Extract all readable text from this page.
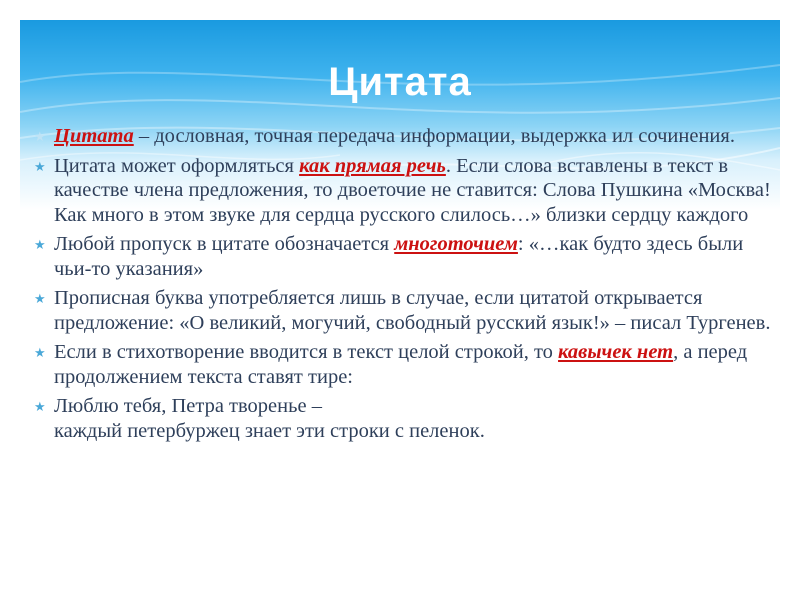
Цитата
★ Цитата – дословная, точная передача информации, выдержка ил сочинения.
★ Цитата может оформляться как прямая речь. Если слова вставлены в текст в качестве члена предложения, то двоеточие не ставится: Слова Пушкина «Москва! Как много в этом звуке для сердца русского слилось…» близки сердцу каждого
★ Любой пропуск в цитате обозначается многоточием: «…как будто здесь были чьи-то указания»
★ Прописная буква употребляется лишь в случае, если цитатой открывается предложение: «О великий, могучий, свободный русский язык!» – писал Тургенев.
★ Если в стихотворение вводится в текст целой строкой, то кавычек нет, а перед продолжением текста ставят тире:
★ Люблю тебя, Петра творенье –
каждый петербуржец знает эти строки с пеленок.
